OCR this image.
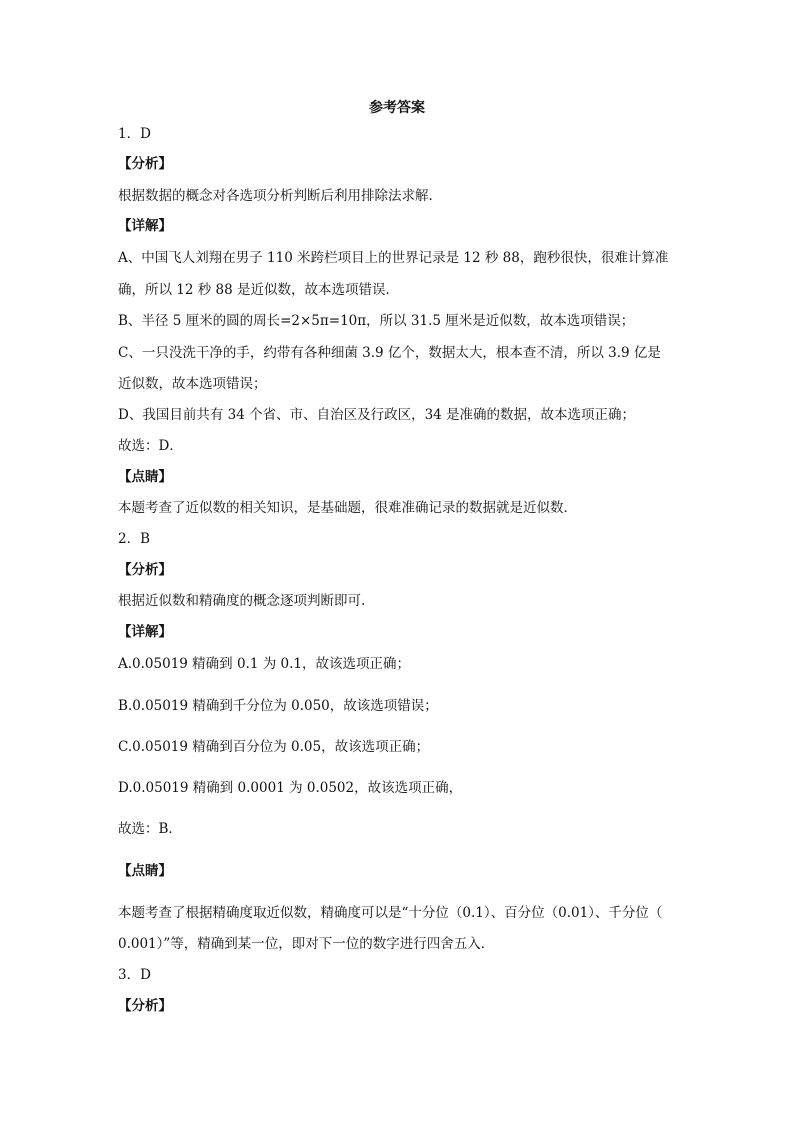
参考答案
1．D
【分析】
根据数据的概念对各选项分析判断后利用排除法求解．
【详解】
A、中国飞人刘翔在男子 110 米跨栏项目上的世界记录是 12 秒 88，跑秒很快，很难计算准
确，所以 12 秒 88 是近似数，故本选项错误．
B、半径 5 厘米的圆的周长=2×5π=10π，所以 31.5 厘米是近似数，故本选项错误；
C、一只没洗干净的手，约带有各种细菌 3.9 亿个，数据太大，根本查不清，所以 3.9 亿是
近似数，故本选项错误；
D、我国目前共有 34 个省、市、自治区及行政区，34 是准确的数据，故本选项正确；
故选：D．
【点睛】
本题考查了近似数的相关知识，是基础题，很难准确记录的数据就是近似数．
2．B
【分析】
根据近似数和精确度的概念逐项判断即可.
【详解】
A.0.05019 精确到 0.1 为 0.1，故该选项正确；
B.0.05019 精确到千分位为 0.050，故该选项错误；
C.0.05019 精确到百分位为 0.05，故该选项正确；
D.0.05019 精确到 0.0001 为 0.0502，故该选项正确，
故选：B．
【点睛】
本题考查了根据精确度取近似数，精确度可以是“十分位（0.1）、百分位（0.01）、千分位（
0.001）”等，精确到某一位，即对下一位的数字进行四舍五入．
3．D
【分析】
